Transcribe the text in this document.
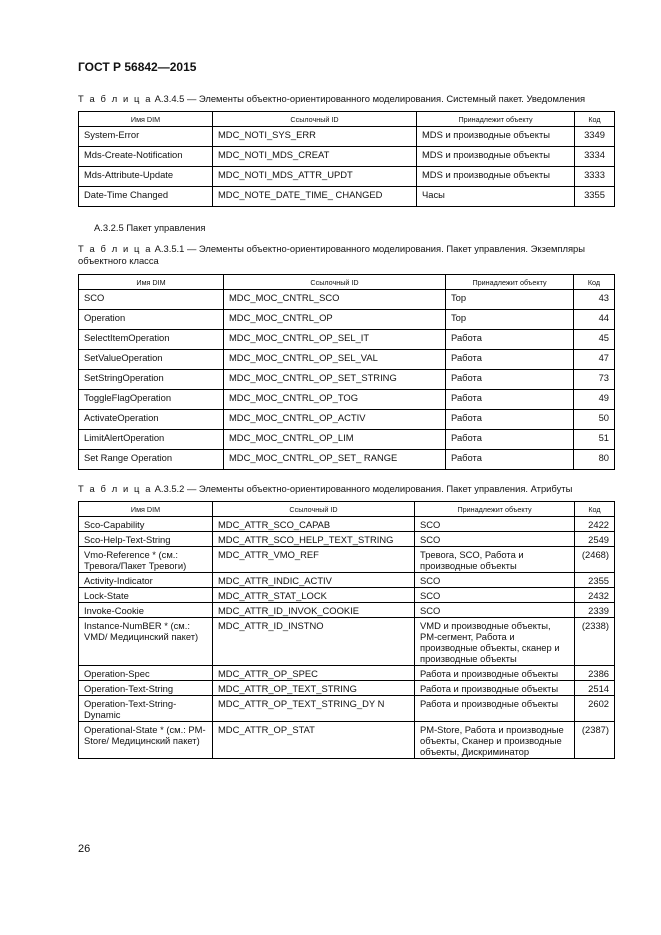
ГОСТ Р 56842—2015
Т а б л и ц а А.3.4.5 — Элементы объектно-ориентированного моделирования. Системный пакет. Уведомления
Имя DIM	Ссылочный ID	Принадлежит объекту	Код
System-Error	MDC_NOTI_SYS_ERR	MDS и производные объекты	3349
Mds-Create-Notification	MDC_NOTI_MDS_CREAT	MDS и производные объекты	3334
Mds-Attribute-Update	MDC_NOTI_MDS_ATTR_UPDT	MDS и производные объекты	3333
Date-Time Changed	MDC_NOTE_DATE_TIME_ CHANGED	Часы	3355
А.3.2.5 Пакет управления
Т а б л и ц а А.3.5.1 — Элементы объектно-ориентированного моделирования. Пакет управления. Экземпляры объектного класса
Имя DIM	Ссылочный ID	Принадлежит объекту	Код
SCO	MDC_MOC_CNTRL_SCO	Top	43
Operation	MDC_MOC_CNTRL_OP	Top	44
SelectItemOperation	MDC_MOC_CNTRL_OP_SEL_IT	Работа	45
SetValueOperation	MDC_MOC_CNTRL_OP_SEL_VAL	Работа	47
SetStringOperation	MDC_MOC_CNTRL_OP_SET_STRING	Работа	73
ToggleFlagOperation	MDC_MOC_CNTRL_OP_TOG	Работа	49
ActivateOperation	MDC_MOC_CNTRL_OP_ACTIV	Работа	50
LimitAlertOperation	MDC_MOC_CNTRL_OP_LIM	Работа	51
Set Range Operation	MDC_MOC_CNTRL_OP_SET_ RANGE	Работа	80
Т а б л и ц а А.3.5.2 — Элементы объектно-ориентированного моделирования. Пакет управления. Атрибуты
Имя DIM	Ссылочный ID	Принадлежит объекту	Код
Sco-Capability	MDC_ATTR_SCO_CAPAB	SCO	2422
Sco-Help-Text-String	MDC_ATTR_SCO_HELP_TEXT_STRING	SCO	2549
Vmo-Reference * (см.: Тревога/Пакет Тревоги)	MDC_ATTR_VMO_REF	Тревога, SCO, Работа и производные объекты	(2468)
Activity-Indicator	MDC_ATTR_INDIC_ACTIV	SCO	2355
Lock-State	MDC_ATTR_STAT_LOCK	SCO	2432
Invoke-Cookie	MDC_ATTR_ID_INVOK_COOKIE	SCO	2339
Instance-NumBER * (см.: VMD/ Медицинский пакет)	MDC_ATTR_ID_INSTNO	VMD и производные объекты, PM-сегмент, Работа и производные объекты, сканер и производные объекты	(2338)
Operation-Spec	MDC_ATTR_OP_SPEC	Работа и производные объекты	2386
Operation-Text-String	MDC_ATTR_OP_TEXT_STRING	Работа и производные объекты	2514
Operation-Text-String-Dynamic	MDC_ATTR_OP_TEXT_STRING_DY N	Работа и производные объекты	2602
Operational-State * (см.: PM-Store/ Медицинский пакет)	MDC_ATTR_OP_STAT	PM-Store, Работа и производные объекты, Сканер и производные объекты, Дискриминатор	(2387)
26
